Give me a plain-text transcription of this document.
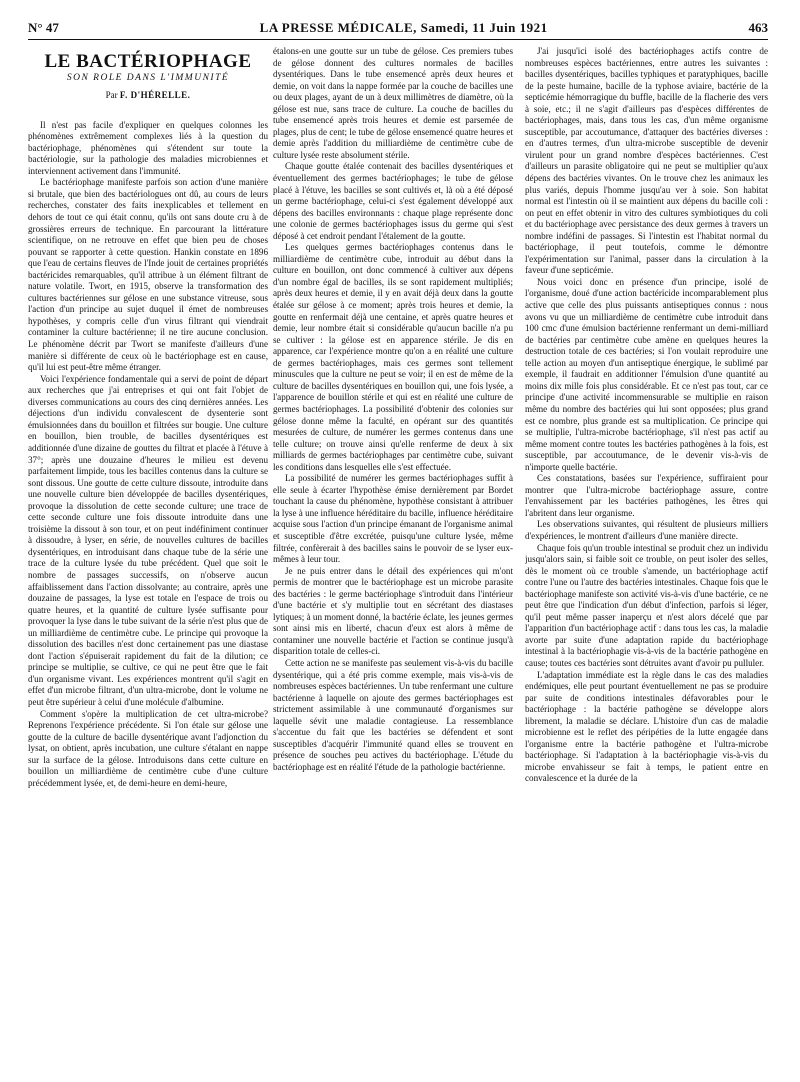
N° 47	LA PRESSE MÉDICALE, Samedi, 11 Juin 1921	463
LE BACTÉRIOPHAGE
SON ROLE DANS L'IMMUNITÉ
Par F. D'HÉRELLE.

Il n'est pas facile d'expliquer en quelques colonnes les phénomènes extrêmement complexes liés à la question du bactériophage, phénomènes qui s'étendent sur toute la bactériologie, sur la pathologie des maladies microbiennes et interviennent activement dans l'immunité.

Le bactériophage manifeste parfois son action d'une manière si brutale, que bien des bactériologues ont dû, au cours de leurs recherches, constater des faits inexplicables et tellement en dehors de tout ce qui était connu, qu'ils ont sans doute cru à de grossières erreurs de technique. En parcourant la littérature scientifique, on ne retrouve en effet que bien peu de choses pouvant se rapporter à cette question. Hankin constate en 1896 que l'eau de certains fleuves de l'Inde jouit de certaines propriétés bactéricides remarquables, qu'il attribue à un élément filtrant de nature volatile. Twort, en 1915, observe la transformation des cultures bactériennes sur gélose en une substance vitreuse, sous l'action d'un principe au sujet duquel il émet de nombreuses hypothèses, y compris celle d'un virus filtrant qui viendrait contaminer la culture bactérienne; il ne tire aucune conclusion. Le phénomène décrit par Twort se manifeste d'ailleurs d'une manière si différente de ceux où le bactériophage est en cause, qu'il lui est peut-être même étranger.

Voici l'expérience fondamentale qui a servi de point de départ aux recherches que j'ai entreprises et qui ont fait l'objet de diverses communications au cours des cinq dernières années. Les déjections d'un individu convalescent de dysenterie sont émulsionnées dans du bouillon et filtrées sur bougie. Une culture en bouillon, bien trouble, de bacilles dysentériques est additionnée d'une dizaine de gouttes du filtrat et placée à l'étuve à 37°; après une douzaine d'heures le milieu est devenu parfaitement limpide, tous les bacilles contenus dans la culture se sont dissous. Une goutte de cette culture dissoute, introduite dans une nouvelle culture bien développée de bacilles dysentériques, provoque la dissolution de cette seconde culture; une trace de cette seconde culture une fois dissoute introduite dans une troisième la dissout à son tour, et on peut indéfiniment continuer à dissoudre, à lyser, en série, de nouvelles cultures de bacilles dysentériques, en introduisant dans chaque tube de la série une trace de la culture lysée du tube précédent. Quel que soit le nombre de passages successifs, on n'observe aucun affaiblissement dans l'action dissolvante; au contraire, après une douzaine de passages, la lyse est totale en l'espace de trois ou quatre heures, et la quantité de culture lysée suffisante pour provoquer la lyse dans le tube suivant de la série n'est plus que de un milliardième de centimètre cube. Le principe qui provoque la dissolution des bacilles n'est donc certainement pas une diastase dont l'action s'épuiserait rapidement du fait de la dilution; ce principe se multiplie, se cultive, ce qui ne peut être que le fait d'un organisme vivant. Les expériences montrent qu'il s'agit en effet d'un microbe filtrant, d'un ultra-microbe, dont le volume ne peut être supérieur à celui d'une molécule d'albumine.

Comment s'opère la multiplication de cet ultra-microbe? Reprenons l'expérience précédente. Si l'on étale sur gélose une goutte de la culture de bacille dysentérique avant l'adjonction du lysat, on obtient, après incubation, une culture s'étalant en nappe sur la surface de la gélose. Introduisons dans cette culture en bouillon un milliardième de centimètre cube d'une culture précédemment lysée, et, de demi-heure en demi-heure,

étalons-en une goutte sur un tube de gélose. Ces premiers tubes de gélose donnent des cultures normales de bacilles dysentériques. Dans le tube ensemencé après deux heures et demie, on voit dans la nappe formée par la couche de bacilles une ou deux plages, ayant de un à deux millimètres de diamètre, où la gélose est nue, sans trace de culture. La couche de bacilles du tube ensemencé après trois heures et demie est parsemée de plages, plus de cent; le tube de gélose ensemencé quatre heures et demie après l'addition du milliardième de centimètre cube de culture lysée reste absolument stérile.

Chaque goutte étalée contenait des bacilles dysentériques et éventuellement des germes bactériophages; le tube de gélose placé à l'étuve, les bacilles se sont cultivés et, là où a été déposé un germe bactériophage, celui-ci s'est également développé aux dépens des bacilles environnants : chaque plage représente donc une colonie de germes bactériophages issus du germe qui s'est déposé à cet endroit pendant l'étalement de la goutte.

Les quelques germes bactériophages contenus dans le milliardième de centimètre cube, introduit au début dans la culture en bouillon, ont donc commencé à cultiver aux dépens d'un nombre égal de bacilles, ils se sont rapidement multipliés; après deux heures et demie, il y en avait déjà deux dans la goutte étalée sur gélose à ce moment; après trois heures et demie, la goutte en renfermait déjà une centaine, et après quatre heures et demie, leur nombre était si considérable qu'aucun bacille n'a pu se cultiver : la gélose est en apparence stérile. Je dis en apparence, car l'expérience montre qu'on a en réalité une culture de germes bactériophages, mais ces germes sont tellement minuscules que la culture ne peut se voir; il en est de même de la culture de bacilles dysentériques en bouillon qui, une fois lysée, a l'apparence de bouillon stérile et qui est en réalité une culture de germes bactériophages. La possibilité d'obtenir des colonies sur gélose donne même la faculté, en opérant sur des quantités mesurées de culture, de numérer les germes contenus dans une telle culture; on trouve ainsi qu'elle renferme de deux à six milliards de germes bactériophages par centimètre cube, suivant les conditions dans lesquelles elle s'est effectuée.

La possibilité de numérer les germes bactériophages suffit à elle seule à écarter l'hypothèse émise dernièrement par Bordet touchant la cause du phénomène, hypothèse consistant à attribuer la lyse à une influence héréditaire du bacille, influence héréditaire acquise sous l'action d'un principe émanant de l'organisme animal et susceptible d'être excrétée, puisqu'une culture lysée, même filtrée, confèrerait à des bacilles sains le pouvoir de se lyser eux-mêmes à leur tour.

Je ne puis entrer dans le détail des expériences qui m'ont permis de montrer que le bactériophage est un microbe parasite des bactéries : le germe bactériophage s'introduit dans l'intérieur d'une bactérie et s'y multiplie tout en sécrétant des diastases lytiques; à un moment donné, la bactérie éclate, les jeunes germes sont ainsi mis en liberté, chacun d'eux est alors à même de contaminer une nouvelle bactérie et l'action se continue jusqu'à disparition totale de celles-ci.

Cette action ne se manifeste pas seulement vis-à-vis du bacille dysentérique, qui a été pris comme exemple, mais vis-à-vis de nombreuses espèces bactériennes. Un tube renfermant une culture bactérienne à laquelle on ajoute des germes bactériophages est strictement assimilable à une communauté d'organismes sur laquelle sévit une maladie contagieuse. La ressemblance s'accentue du fait que les bactéries se défendent et sont susceptibles d'acquérir l'immunité quand elles se trouvent en présence de souches peu actives du bactériophage. L'étude du bactériophage est en réalité l'étude de la pathologie bactérienne.

J'ai jusqu'ici isolé des bactériophages actifs contre de nombreuses espèces bactériennes, entre autres les suivantes : bacilles dysentériques, bacilles typhiques et paratyphiques, bacille de la peste humaine, bacille de la typhose aviaire, bactérie de la septicémie hémorragique du buffle, bacille de la flacherie des vers à soie, etc.; il ne s'agit d'ailleurs pas d'espèces différentes de bactériophages, mais, dans tous les cas, d'un même organisme susceptible, par accoutumance, d'attaquer des bactéries diverses : en d'autres termes, d'un ultra-microbe susceptible de devenir virulent pour un grand nombre d'espèces bactériennes. C'est d'ailleurs un parasite obligatoire qui ne peut se multiplier qu'aux dépens des bactéries vivantes. On le trouve chez les animaux les plus variés, depuis l'homme jusqu'au ver à soie. Son habitat normal est l'intestin où il se maintient aux dépens du bacille coli : on peut en effet obtenir in vitro des cultures symbiotiques du coli et du bactériophage avec persistance des deux germes à travers un nombre indéfini de passages. Si l'intestin est l'habitat normal du bactériophage, il peut toutefois, comme le démontre l'expérimentation sur l'animal, passer dans la circulation à la faveur d'une septicémie.

Nous voici donc en présence d'un principe, isolé de l'organisme, doué d'une action bactéricide incomparablement plus active que celle des plus puissants antiseptiques connus : nous avons vu que un milliardième de centimètre cube introduit dans 100 cmc d'une émulsion bactérienne renfermant un demi-milliard de bactéries par centimètre cube amène en quelques heures la destruction totale de ces bactéries; si l'on voulait reproduire une telle action au moyen d'un antiseptique énergique, le sublimé par exemple, il faudrait en additionner l'émulsion d'une quantité au moins dix mille fois plus considérable. Et ce n'est pas tout, car ce principe d'une activité incommensurable se multiplie en raison même du nombre des bactéries qui lui sont opposées; plus grand est ce nombre, plus grande est sa multiplication. Ce principe qui se multiplie, l'ultra-microbe bactériophage, s'il n'est pas actif au même moment contre toutes les bactéries pathogènes à la fois, est susceptible, par accoutumance, de le devenir vis-à-vis de n'importe quelle bactérie.

Ces constatations, basées sur l'expérience, suffiraient pour montrer que l'ultra-microbe bactériophage assure, contre l'envahissement par les bactéries pathogènes, les êtres qui l'abritent dans leur organisme.

Les observations suivantes, qui résultent de plusieurs milliers d'expériences, le montrent d'ailleurs d'une manière directe.

Chaque fois qu'un trouble intestinal se produit chez un individu jusqu'alors sain, si faible soit ce trouble, on peut isoler des selles, dès le moment où ce trouble s'amende, un bactériophage actif contre l'une ou l'autre des bactéries intestinales. Chaque fois que le bactériophage manifeste son activité vis-à-vis d'une bactérie, ce ne peut être que l'indication d'un début d'infection, parfois si léger, qu'il peut même passer inaperçu et n'est alors décelé que par l'apparition d'un bactériophage actif : dans tous les cas, la maladie avorte par suite d'une adaptation rapide du bactériophage intestinal à la bactériophagie vis-à-vis de la bactérie pathogène en cause; toutes ces bactéries sont détruites avant d'avoir pu pulluler.

L'adaptation immédiate est la règle dans le cas des maladies endémiques, elle peut pourtant éventuellement ne pas se produire par suite de conditions intestinales défavorables pour le bactériophage : la bactérie pathogène se développe alors librement, la maladie se déclare. L'histoire d'un cas de maladie microbienne est le reflet des péripéties de la lutte engagée dans l'organisme entre la bactérie pathogène et l'ultra-microbe bactériophage. Si l'adaptation à la bactériophagie vis-à-vis du microbe envahisseur se fait à temps, le patient entre en convalescence et la durée de la
